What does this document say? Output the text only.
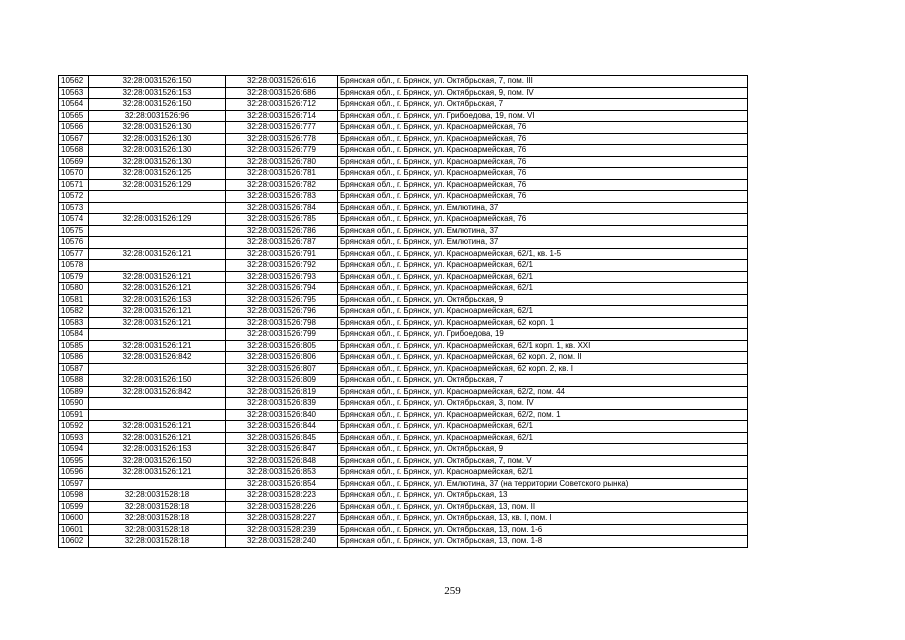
10562	32:28:0031526:150	32:28:0031526:616	Брянская обл., г. Брянск, ул. Октябрьская, 7, пом. III
10563	32:28:0031526:153	32:28:0031526:686	Брянская обл., г. Брянск, ул. Октябрьская, 9, пом. IV
10564	32:28:0031526:150	32:28:0031526:712	Брянская обл., г. Брянск, ул. Октябрьская, 7
10565	32:28:0031526:96	32:28:0031526:714	Брянская обл., г. Брянск, ул. Грибоедова, 19, пом. VI
10566	32:28:0031526:130	32:28:0031526:777	Брянская обл., г. Брянск, ул. Красноармейская, 76
10567	32:28:0031526:130	32:28:0031526:778	Брянская обл., г. Брянск, ул. Красноармейская, 76
10568	32:28:0031526:130	32:28:0031526:779	Брянская обл., г. Брянск, ул. Красноармейская, 76
10569	32:28:0031526:130	32:28:0031526:780	Брянская обл., г. Брянск, ул. Красноармейская, 76
10570	32:28:0031526:125	32:28:0031526:781	Брянская обл., г. Брянск, ул. Красноармейская, 76
10571	32:28:0031526:129	32:28:0031526:782	Брянская обл., г. Брянск, ул. Красноармейская, 76
10572		32:28:0031526:783	Брянская обл., г. Брянск, ул. Красноармейская, 76
10573		32:28:0031526:784	Брянская обл., г. Брянск, ул. Емлютина, 37
10574	32:28:0031526:129	32:28:0031526:785	Брянская обл., г. Брянск, ул. Красноармейская, 76
10575		32:28:0031526:786	Брянская обл., г. Брянск, ул. Емлютина, 37
10576		32:28:0031526:787	Брянская обл., г. Брянск, ул. Емлютина, 37
10577	32:28:0031526:121	32:28:0031526:791	Брянская обл., г. Брянск, ул. Красноармейская, 62/1, кв. 1-5
10578		32:28:0031526:792	Брянская обл., г. Брянск, ул. Красноармейская, 62/1
10579	32:28:0031526:121	32:28:0031526:793	Брянская обл., г. Брянск, ул. Красноармейская, 62/1
10580	32:28:0031526:121	32:28:0031526:794	Брянская обл., г. Брянск, ул. Красноармейская, 62/1
10581	32:28:0031526:153	32:28:0031526:795	Брянская обл., г. Брянск, ул. Октябрьская, 9
10582	32:28:0031526:121	32:28:0031526:796	Брянская обл., г. Брянск, ул. Красноармейская, 62/1
10583	32:28:0031526:121	32:28:0031526:798	Брянская обл., г. Брянск, ул. Красноармейская, 62 корп. 1
10584		32:28:0031526:799	Брянская обл., г. Брянск, ул. Грибоедова, 19
10585	32:28:0031526:121	32:28:0031526:805	Брянская обл., г. Брянск, ул. Красноармейская, 62/1 корп. 1, кв. XXI
10586	32:28:0031526:842	32:28:0031526:806	Брянская обл., г. Брянск, ул. Красноармейская, 62 корп. 2, пом. II
10587		32:28:0031526:807	Брянская обл., г. Брянск, ул. Красноармейская, 62 корп. 2, кв. I
10588	32:28:0031526:150	32:28:0031526:809	Брянская обл., г. Брянск, ул. Октябрьская, 7
10589	32:28:0031526:842	32:28:0031526:819	Брянская обл., г. Брянск, ул. Красноармейская, 62/2, пом. 44
10590		32:28:0031526:839	Брянская обл., г. Брянск, ул. Октябрьская, 3, пом. IV
10591		32:28:0031526:840	Брянская обл., г. Брянск, ул. Красноармейская, 62/2, пом. 1
10592	32:28:0031526:121	32:28:0031526:844	Брянская обл., г. Брянск, ул. Красноармейская, 62/1
10593	32:28:0031526:121	32:28:0031526:845	Брянская обл., г. Брянск, ул. Красноармейская, 62/1
10594	32:28:0031526:153	32:28:0031526:847	Брянская обл., г. Брянск, ул. Октябрьская, 9
10595	32:28:0031526:150	32:28:0031526:848	Брянская обл., г. Брянск, ул. Октябрьская, 7, пом. V
10596	32:28:0031526:121	32:28:0031526:853	Брянская обл., г. Брянск, ул. Красноармейская, 62/1
10597		32:28:0031526:854	Брянская обл., г. Брянск, ул. Емлютина, 37 (на территории Советского рынка)
10598	32:28:0031528:18	32:28:0031528:223	Брянская обл., г. Брянск, ул. Октябрьская, 13
10599	32:28:0031528:18	32:28:0031528:226	Брянская обл., г. Брянск, ул. Октябрьская, 13, пом. II
10600	32:28:0031528:18	32:28:0031528:227	Брянская обл., г. Брянск, ул. Октябрьская, 13, кв. I, пом. I
10601	32:28:0031528:18	32:28:0031528:239	Брянская обл., г. Брянск, ул. Октябрьская, 13, пом. 1-6
10602	32:28:0031528:18	32:28:0031528:240	Брянская обл., г. Брянск, ул. Октябрьская, 13, пом. 1-8
259
